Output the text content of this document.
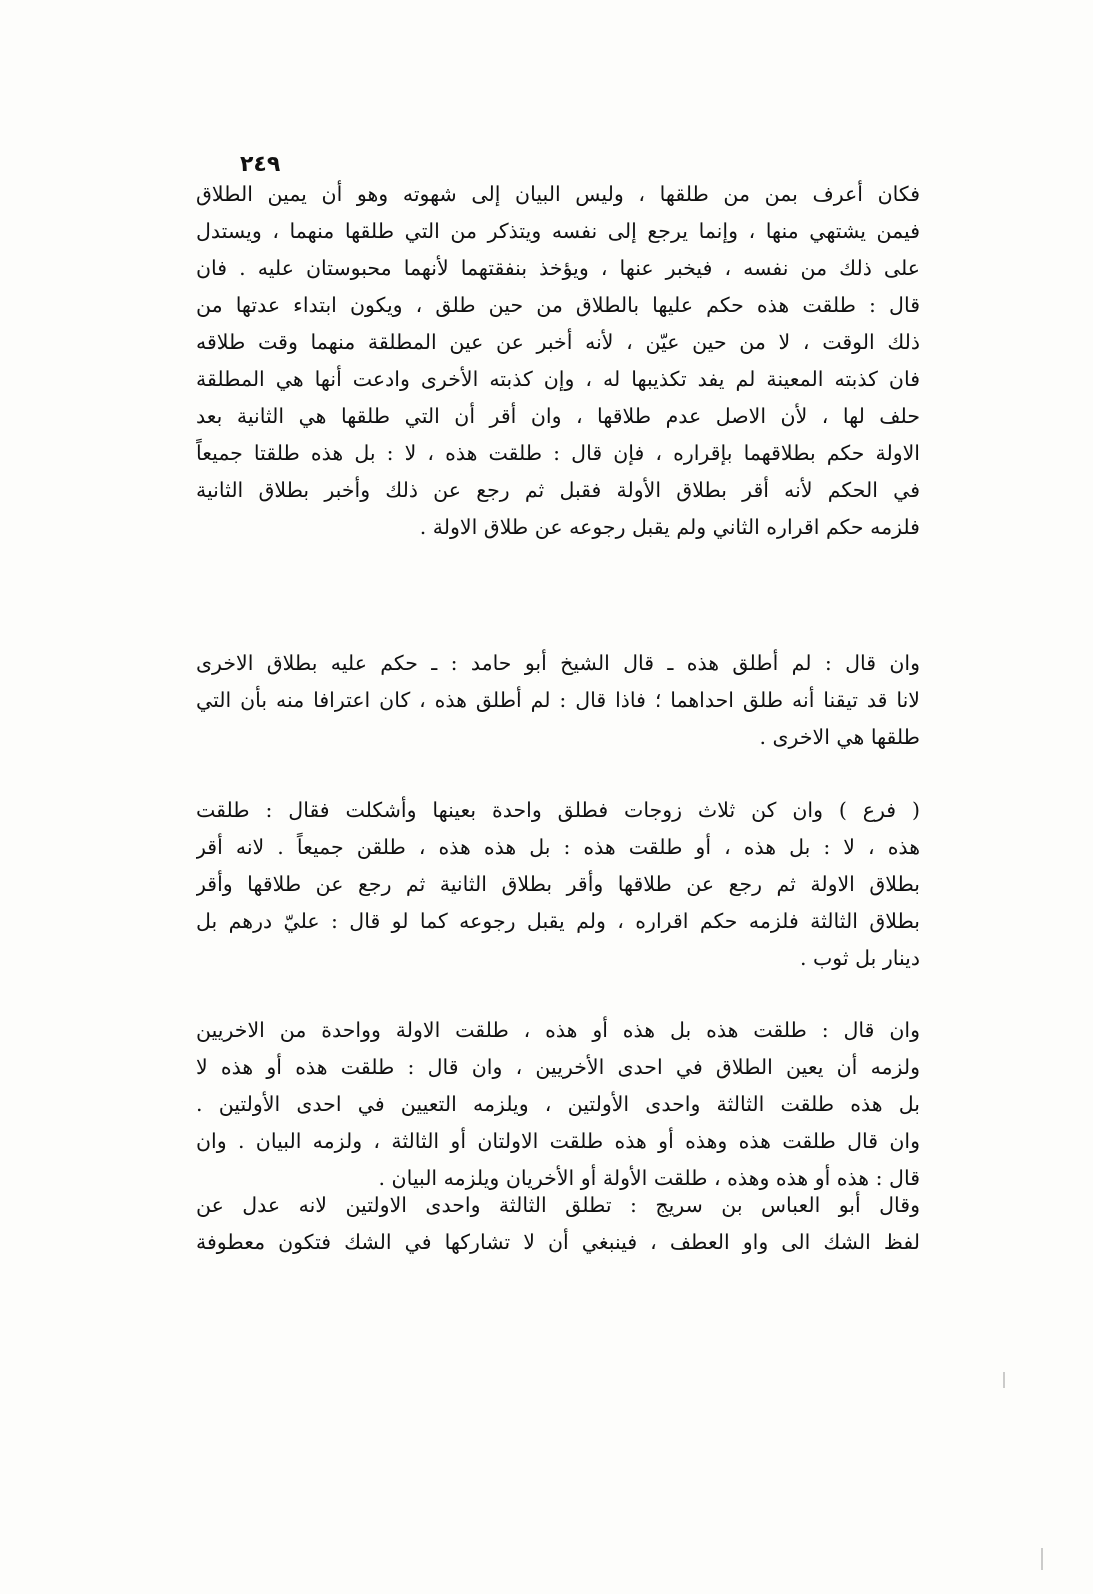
٢٤٩
فكان أعرف بمن من طلقها ، وليس البيان إلى شهوته وهو أن يمين الطلاق
فيمن يشتهي منها ، وإنما يرجع إلى نفسه ويتذكر من التي طلقها منهما ، ويستدل
على ذلك من نفسه ، فيخبر عنها ، ويؤخذ بنفقتهما لأنهما محبوستان عليه . فان
قال : طلقت هذه حكم عليها بالطلاق من حين طلق ، ويكون ابتداء عدتها من
ذلك الوقت ، لا من حين عيّن ، لأنه أخبر عن عين المطلقة منهما وقت طلاقه
فان كذبته المعينة لم يفد تكذيبها له ، وإن كذبته الأخرى وادعت أنها هي المطلقة
حلف لها ، لأن الاصل عدم طلاقها ، وان أقر أن التي طلقها هي الثانية بعد
الاولة حكم بطلاقهما بإقراره ، فإن قال : طلقت هذه ، لا : بل هذه طلقتا جميعاً
في الحكم لأنه أقر بطلاق الأولة فقبل ثم رجع عن ذلك وأخبر بطلاق الثانية
فلزمه حكم اقراره الثاني ولم يقبل رجوعه عن طلاق الاولة .
وان قال : لم أطلق هذه ـ قال الشيخ أبو حامد : ـ حكم عليه بطلاق الاخرى
لانا قد تيقنا أنه طلق احداهما ؛ فاذا قال : لم أطلق هذه ، كان اعترافا منه بأن التي
طلقها هي الاخرى .
( فرع ) وان كن ثلاث زوجات فطلق واحدة بعينها وأشكلت فقال : طلقت
هذه ، لا : بل هذه ، أو طلقت هذه : بل هذه هذه ، طلقن جميعاً . لانه أقر
بطلاق الاولة ثم رجع عن طلاقها وأقر بطلاق الثانية ثم رجع عن طلاقها وأقر
بطلاق الثالثة فلزمه حكم اقراره ، ولم يقبل رجوعه كما لو قال : عليّ درهم بل
دينار بل ثوب .
وان قال : طلقت هذه بل هذه أو هذه ، طلقت الاولة وواحدة من الاخريين
ولزمه أن يعين الطلاق في احدى الأخريين ، وان قال : طلقت هذه أو هذه لا
بل هذه طلقت الثالثة واحدى الأولتين ، ويلزمه التعيين في احدى الأولتين .
وان قال طلقت هذه وهذه أو هذه طلقت الاولتان أو الثالثة ، ولزمه البيان . وان
قال : هذه أو هذه وهذه ، طلقت الأولة أو الأخريان ويلزمه البيان .
وقال أبو العباس بن سريج : تطلق الثالثة واحدى الاولتين لانه عدل عن
لفظ الشك الى واو العطف ، فينبغي أن لا تشاركها في الشك فتكون معطوفة
